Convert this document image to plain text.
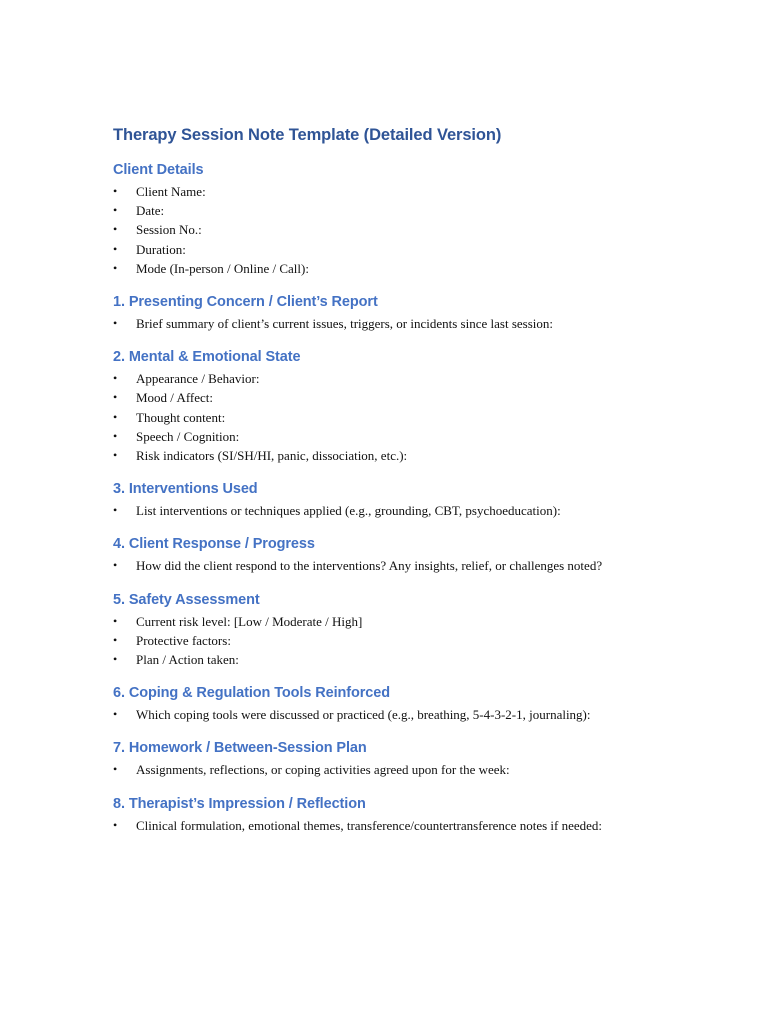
Therapy Session Note Template (Detailed Version)
Client Details
• Client Name:
• Date:
• Session No.:
• Duration:
• Mode (In-person / Online / Call):
1. Presenting Concern / Client’s Report
• Brief summary of client’s current issues, triggers, or incidents since last session:
2. Mental & Emotional State
• Appearance / Behavior:
• Mood / Affect:
• Thought content:
• Speech / Cognition:
• Risk indicators (SI/SH/HI, panic, dissociation, etc.):
3. Interventions Used
• List interventions or techniques applied (e.g., grounding, CBT, psychoeducation):
4. Client Response / Progress
• How did the client respond to the interventions? Any insights, relief, or challenges noted?
5. Safety Assessment
• Current risk level: [Low / Moderate / High]
• Protective factors:
• Plan / Action taken:
6. Coping & Regulation Tools Reinforced
• Which coping tools were discussed or practiced (e.g., breathing, 5-4-3-2-1, journaling):
7. Homework / Between-Session Plan
• Assignments, reflections, or coping activities agreed upon for the week:
8. Therapist’s Impression / Reflection
• Clinical formulation, emotional themes, transference/countertransference notes if needed:
